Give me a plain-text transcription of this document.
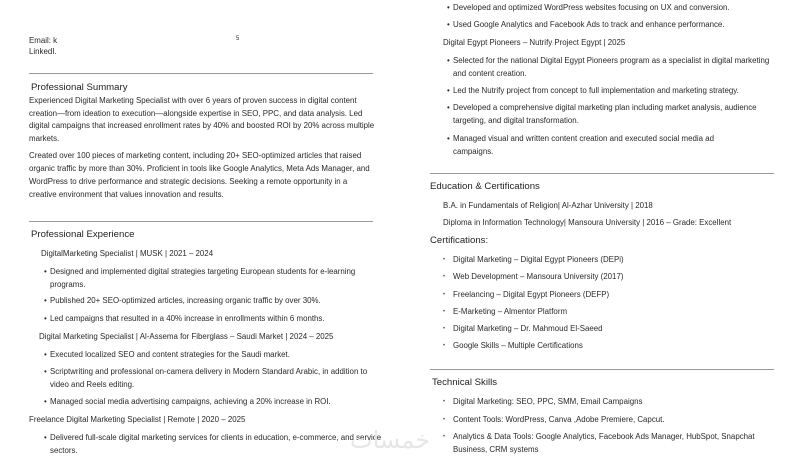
Email: k	5
LinkedI.
Professional Summary
Experienced Digital Marketing Specialist with over 6 years of proven success in digital content creation—from ideation to execution—alongside expertise in SEO, PPC, and data analysis. Led digital campaigns that increased enrollment rates by 40% and boosted ROI by 20% across multiple markets.
Created over 100 pieces of marketing content, including 20+ SEO-optimized articles that raised organic traffic by more than 30%. Proficient in tools like Google Analytics, Meta Ads Manager, and WordPress to drive performance and strategic decisions. Seeking a remote opportunity in a creative environment that values innovation and results.
Professional Experience
DigitalMarketing Specialist | MUSK | 2021 – 2024
• Designed and implemented digital strategies targeting European students for e-learning programs.
• Published 20+ SEO-optimized articles, increasing organic traffic by over 30%.
• Led campaigns that resulted in a 40% increase in enrollments within 6 months.
Digital Marketing Specialist | Al-Assema for Fiberglass – Saudi Market | 2024 – 2025
• Executed localized SEO and content strategies for the Saudi market.
• Scriptwriting and professional on-camera delivery in Modern Standard Arabic, in addition to video and Reels editing.
• Managed social media advertising campaigns, achieving a 20% increase in ROI.
Freelance Digital Marketing Specialist | Remote | 2020 – 2025
• Delivered full-scale digital marketing services for clients in education, e-commerce, and service sectors.
• Developed and optimized WordPress websites focusing on UX and conversion.
• Used Google Analytics and Facebook Ads to track and enhance performance.
Digital Egypt Pioneers – Nutrify Project Egypt | 2025
• Selected for the national Digital Egypt Pioneers program as a specialist in digital marketing and content creation.
• Led the Nutrify project from concept to full implementation and marketing strategy.
• Developed a comprehensive digital marketing plan including market analysis, audience targeting, and digital transformation.
• Managed visual and written content creation and executed social media ad campaigns.
Education & Certifications
B.A. in Fundamentals of Religion| Al-Azhar University | 2018
Diploma in Information Technology| Mansoura University | 2016 – Grade: Excellent
Certifications:
• Digital Marketing – Digital Egypt Pioneers (DEPi)
• Web Development – Mansoura University (2017)
• Freelancing – Digital Egypt Pioneers (DEFP)
• E-Marketing – Almentor Platform
• Digital Marketing – Dr. Mahmoud El-Saeed
• Google Skills – Multiple Certifications
Technical Skills
• Digital Marketing: SEO, PPC, SMM, Email Campaigns
• Content Tools: WordPress, Canva ,Adobe Premiere, Capcut.
• Analytics & Data Tools: Google Analytics, Facebook Ads Manager, HubSpot, Snapchat Business, CRM systems
خمسات
